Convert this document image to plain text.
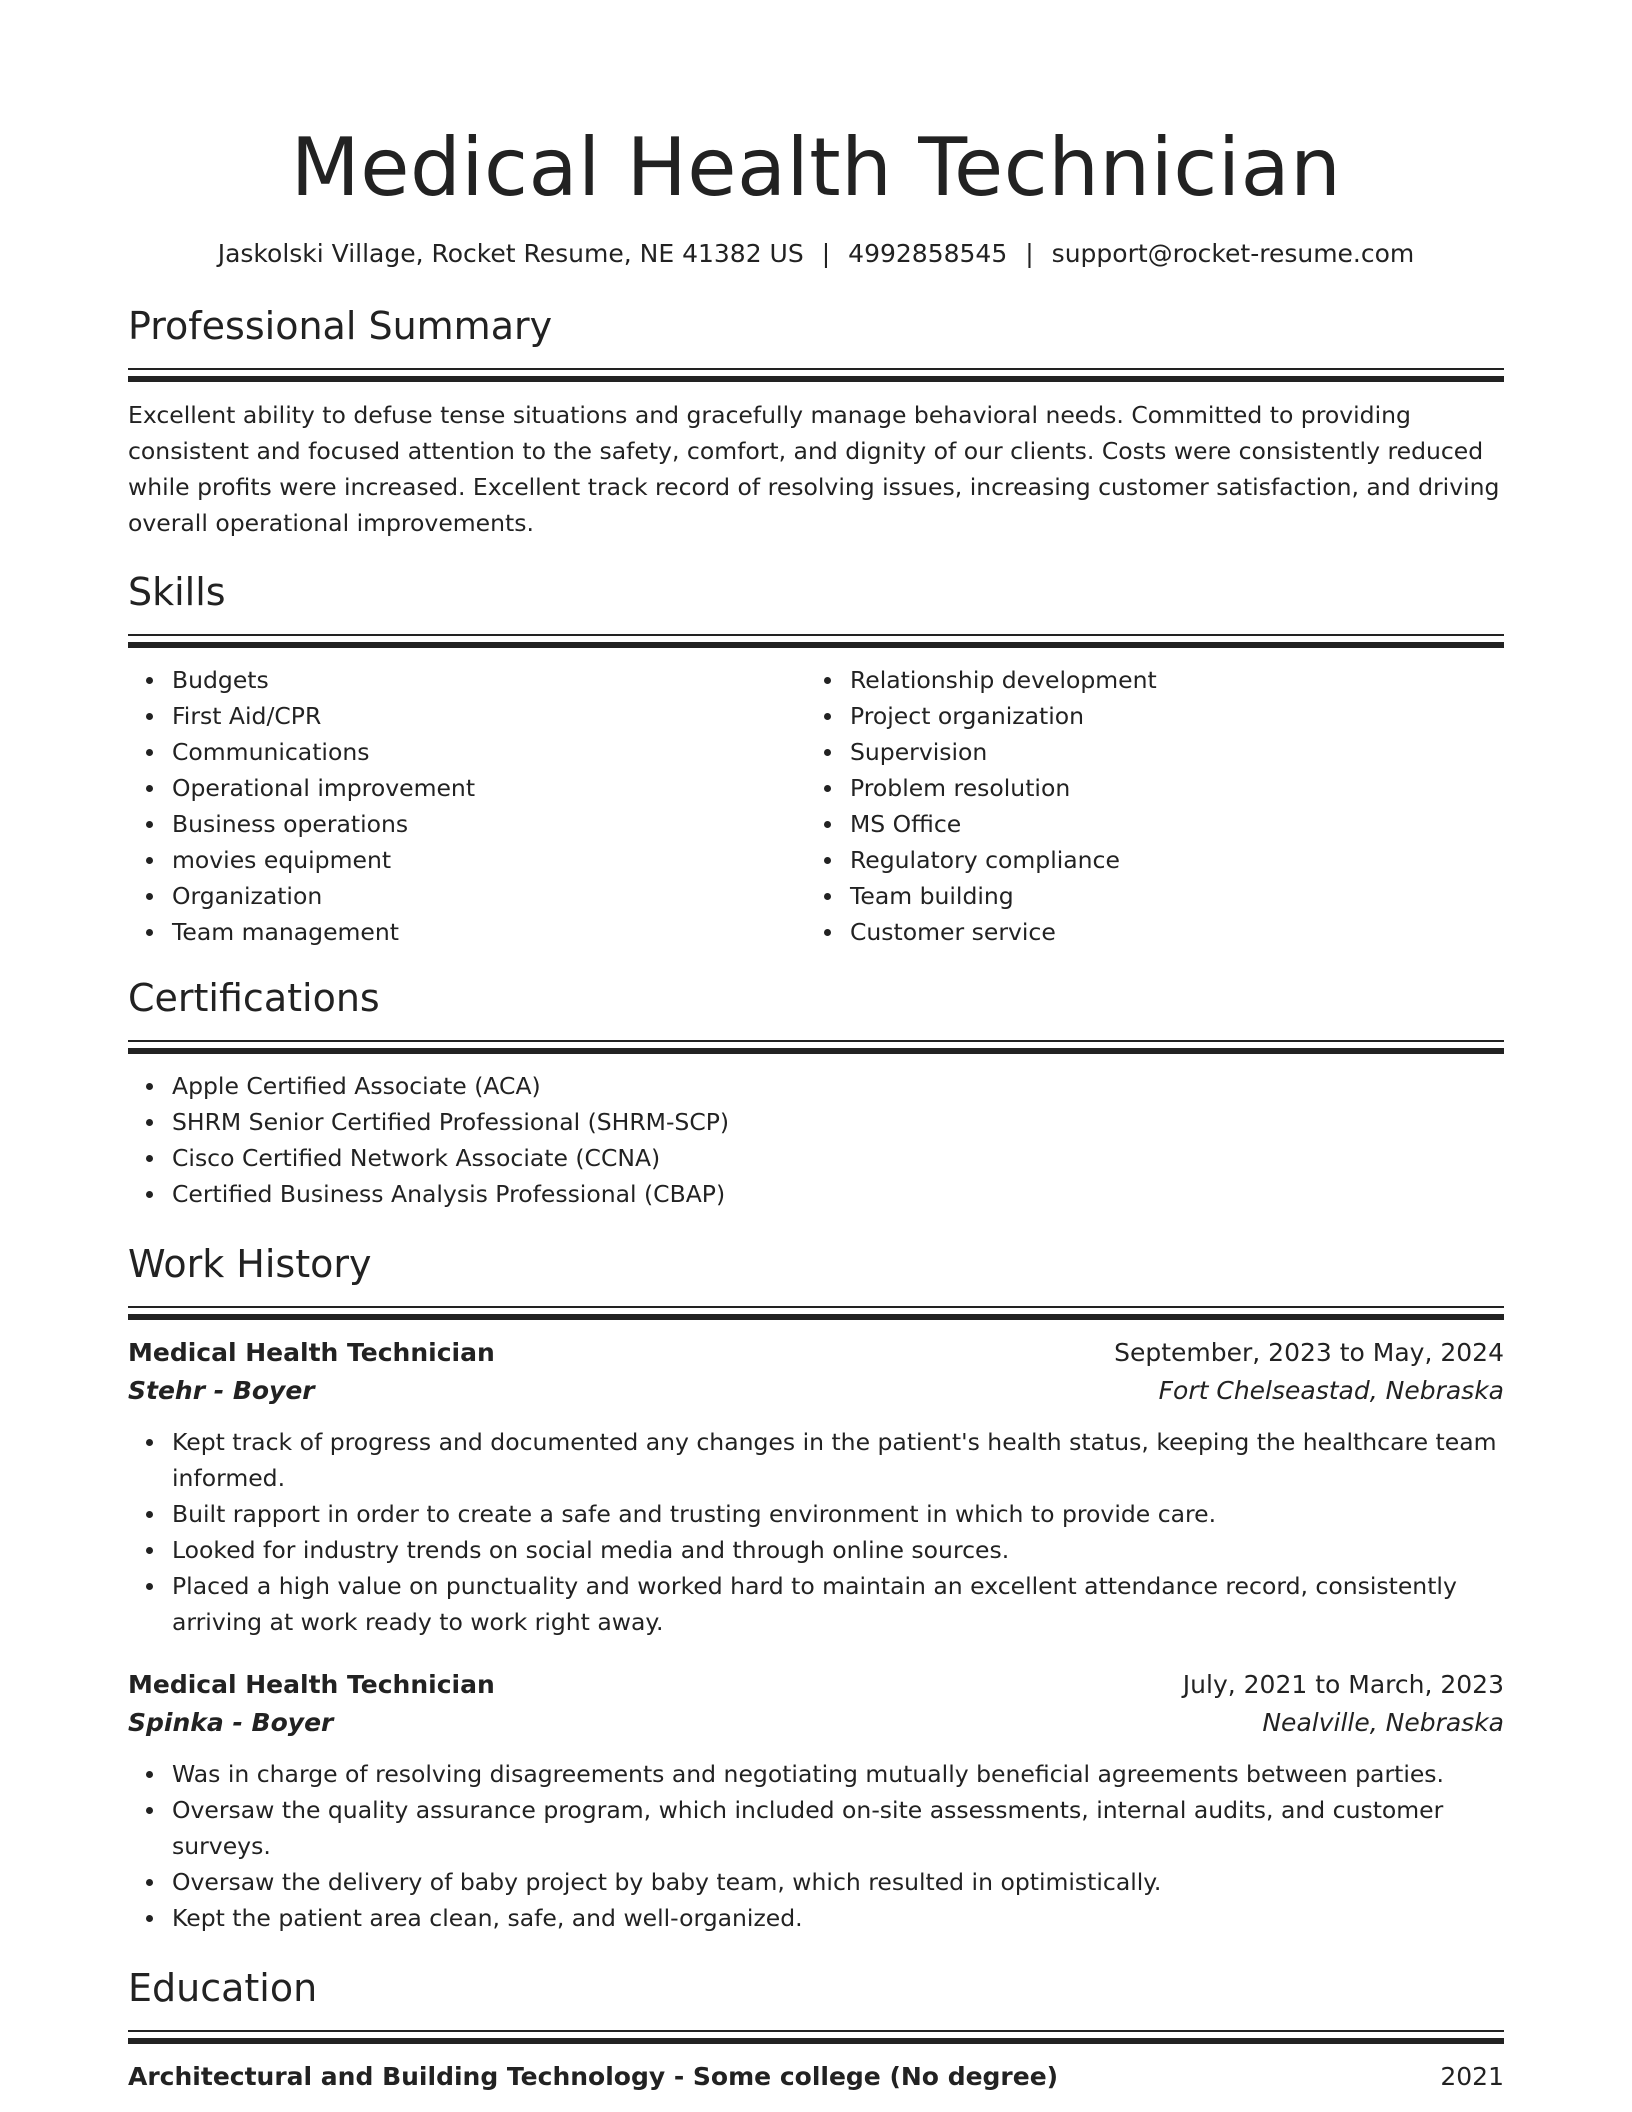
Medical Health Technician
Jaskolski Village, Rocket Resume, NE 41382 US | 4992858545 | support@rocket-resume.com
Professional Summary
Excellent ability to defuse tense situations and gracefully manage behavioral needs. Committed to providing consistent and focused attention to the safety, comfort, and dignity of our clients. Costs were consistently reduced while profits were increased. Excellent track record of resolving issues, increasing customer satisfaction, and driving overall operational improvements.
Skills
Budgets
First Aid/CPR
Communications
Operational improvement
Business operations
movies equipment
Organization
Team management
Relationship development
Project organization
Supervision
Problem resolution
MS Office
Regulatory compliance
Team building
Customer service
Certifications
Apple Certified Associate (ACA)
SHRM Senior Certified Professional (SHRM-SCP)
Cisco Certified Network Associate (CCNA)
Certified Business Analysis Professional (CBAP)
Work History
Medical Health Technician	September, 2023 to May, 2024
Stehr - Boyer	Fort Chelseastad, Nebraska
Kept track of progress and documented any changes in the patient's health status, keeping the healthcare team informed.
Built rapport in order to create a safe and trusting environment in which to provide care.
Looked for industry trends on social media and through online sources.
Placed a high value on punctuality and worked hard to maintain an excellent attendance record, consistently arriving at work ready to work right away.
Medical Health Technician	July, 2021 to March, 2023
Spinka - Boyer	Nealville, Nebraska
Was in charge of resolving disagreements and negotiating mutually beneficial agreements between parties.
Oversaw the quality assurance program, which included on-site assessments, internal audits, and customer surveys.
Oversaw the delivery of baby project by baby team, which resulted in optimistically.
Kept the patient area clean, safe, and well-organized.
Education
Architectural and Building Technology - Some college (No degree)	2021
